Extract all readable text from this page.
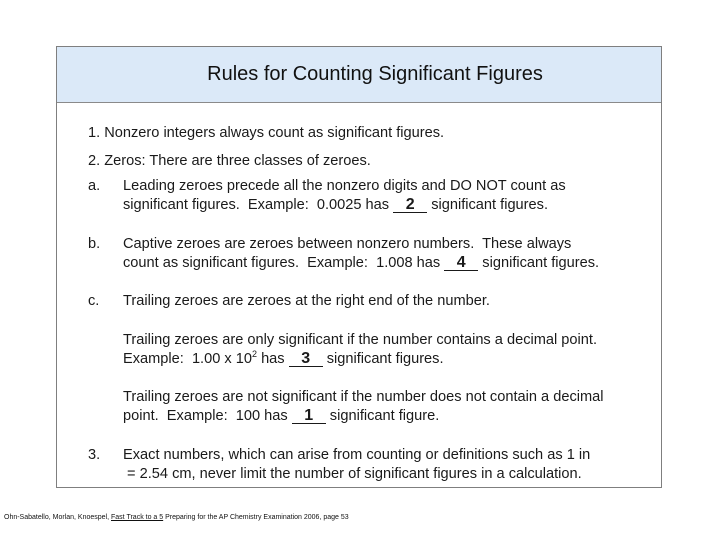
Rules for Counting Significant Figures
1. Nonzero integers always count as significant figures.
2. Zeros: There are three classes of zeroes.
a. Leading zeroes precede all the nonzero digits and DO NOT count as
significant figures.  Example:  0.0025 has 2 significant figures.
b. Captive zeroes are zeroes between nonzero numbers.  These always
count as significant figures.  Example:  1.008 has 4 significant figures.
c. Trailing zeroes are zeroes at the right end of the number.
Trailing zeroes are only significant if the number contains a decimal point.
Example:  1.00 x $10^2$ has 3 significant figures.
Trailing zeroes are not significant if the number does not contain a decimal
point.  Example:  100 has 1 significant figure.
3. Exact numbers, which can arise from counting or definitions such as 1 in
= 2.54 cm, never limit the number of significant figures in a calculation.
Ohn-Sabatello, Morlan, Knoespel, Fast Track to a 5 Preparing for the AP Chemistry Examination 2006, page 53
